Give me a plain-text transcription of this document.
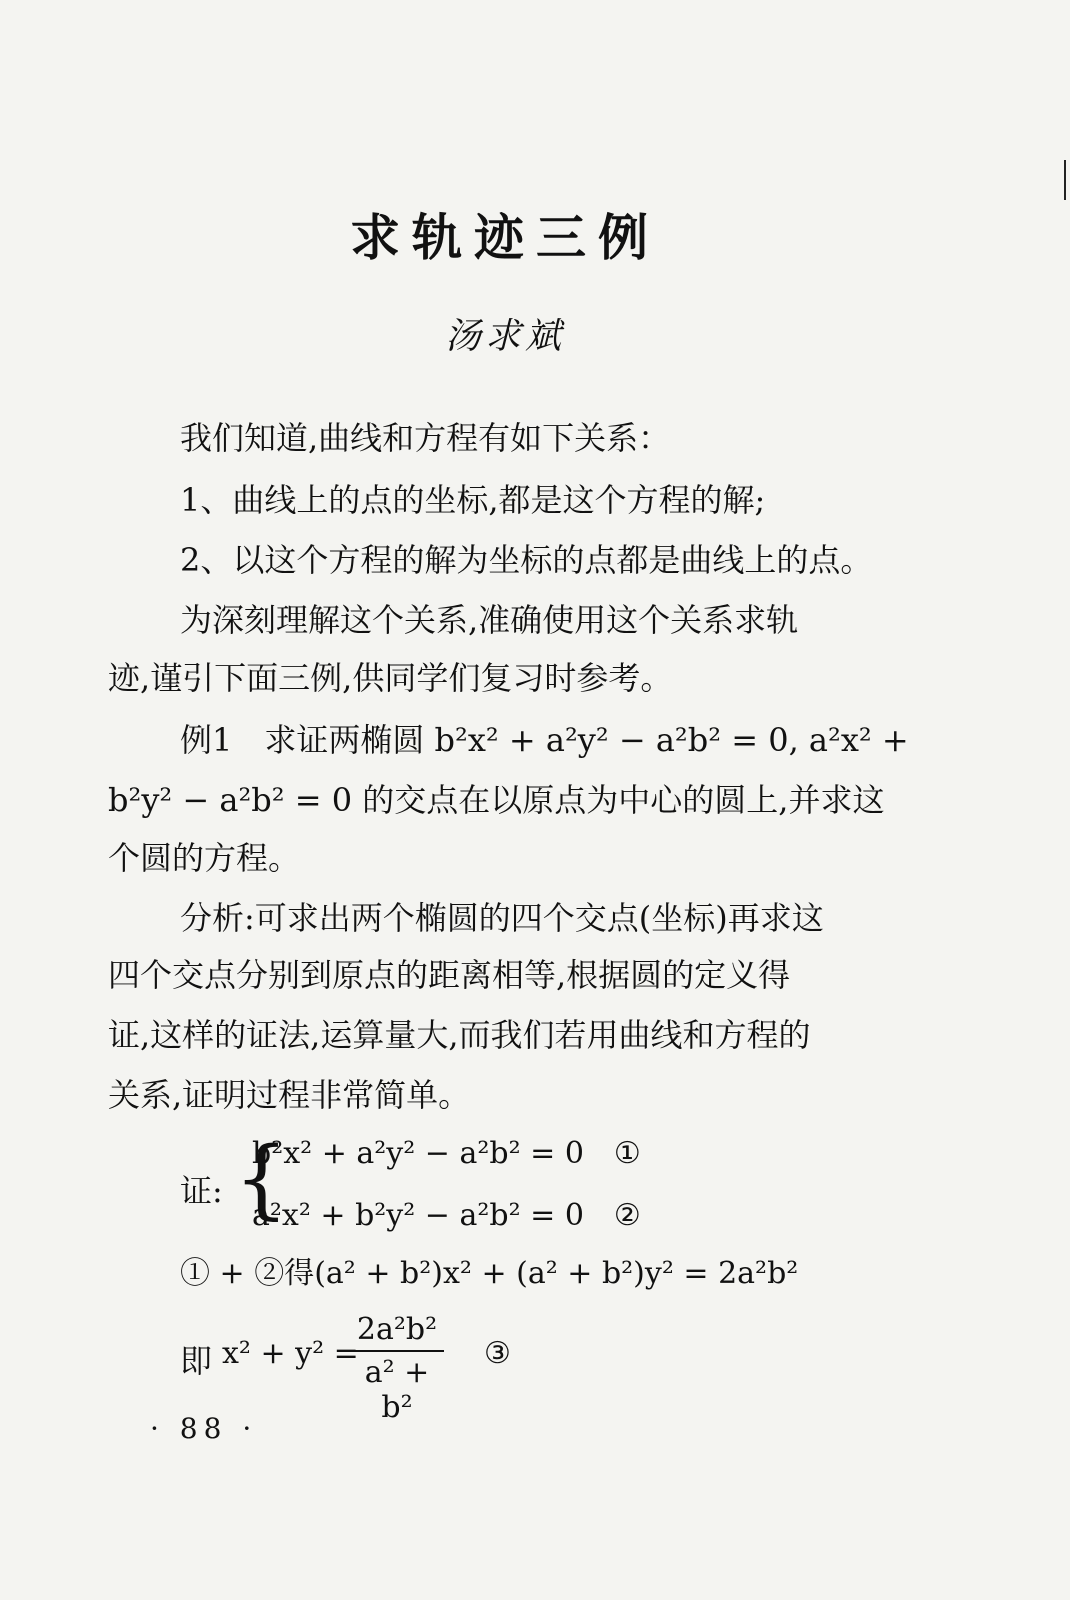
求轨迹三例
汤求斌
我们知道,曲线和方程有如下关系：
1、曲线上的点的坐标,都是这个方程的解;
2、以这个方程的解为坐标的点都是曲线上的点。
为深刻理解这个关系,准确使用这个关系求轨
迹,谨引下面三例,供同学们复习时参考。
例1　求证两椭圆 b²x² + a²y² − a²b² = 0, a²x² +
b²y² − a²b² = 0 的交点在以原点为中心的圆上,并求这
个圆的方程。
分析:可求出两个椭圆的四个交点(坐标)再求这
四个交点分别到原点的距离相等,根据圆的定义得
证,这样的证法,运算量大,而我们若用曲线和方程的
关系,证明过程非常简单。
证: {
b²x² + a²y² − a²b² = 0 ①
a²x² + b²y² − a²b² = 0 ②
① + ②得(a² + b²)x² + (a² + b²)y² = 2a²b²
即 x² + y² =
$\frac{\text{2a²b²}}{\text{a² + b²}}$ ③
· 88 ·
